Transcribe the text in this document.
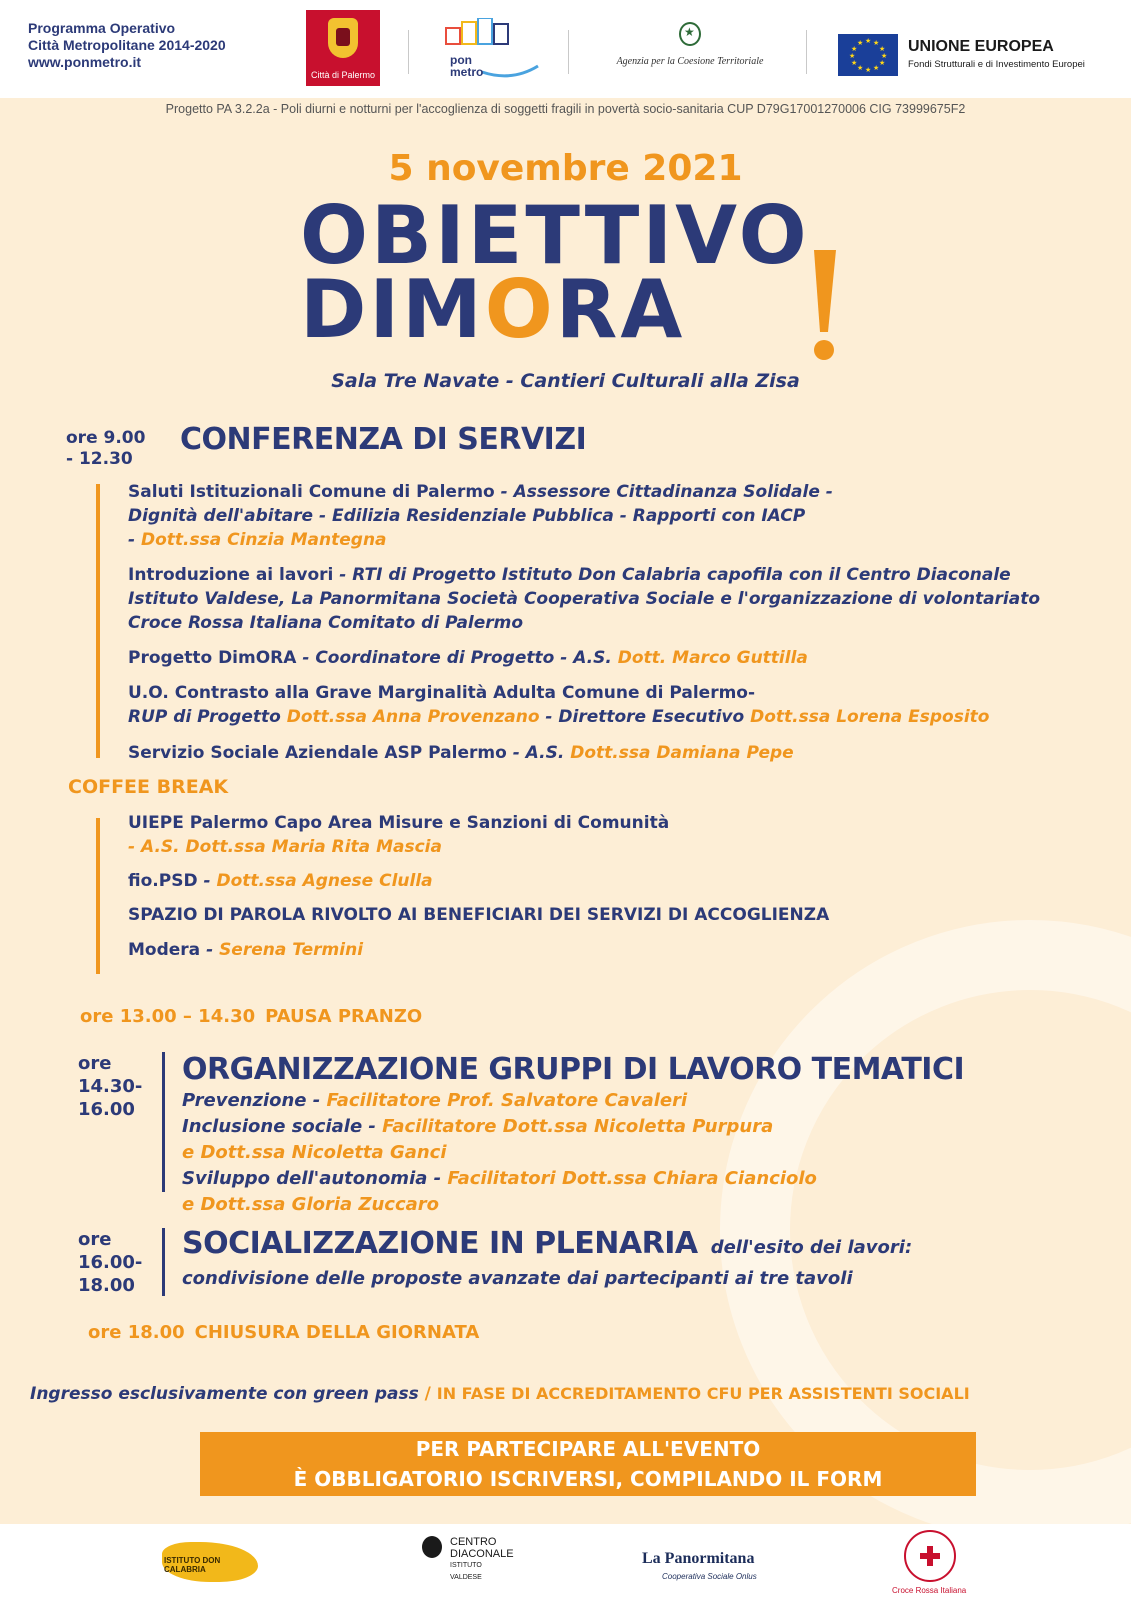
Programma Operativo
Città Metropolitane 2014-2020
www.ponmetro.it
Città di Palermo
pon
metro
★
Agenzia per la Coesione Territoriale
★ ★
★
★
★
★
★
★
★
★
★
★	UNIONE EUROPEA
Fondi Strutturali e di Investimento Europei
Progetto PA 3.2.2a - Poli diurni e notturni per l'accoglienza di soggetti fragili in povertà socio-sanitaria CUP D79G17001270006 CIG 73999675F2
5 novembre 2021
OBIETTIVO
DIMORA
Sala Tre Navate - Cantieri Culturali alla Zisa
ore 9.00
- 12.30
CONFERENZA DI SERVIZI
Saluti Istituzionali Comune di Palermo - Assessore Cittadinanza Solidale -
Dignità dell'abitare - Edilizia Residenziale Pubblica - Rapporti con IACP
- Dott.ssa Cinzia Mantegna
Introduzione ai lavori - RTI di Progetto Istituto Don Calabria capofila con il Centro Diaconale
Istituto Valdese, La Panormitana Società Cooperativa Sociale e l'organizzazione di volontariato
Croce Rossa Italiana Comitato di Palermo
Progetto DimORA - Coordinatore di Progetto - A.S. Dott. Marco Guttilla
U.O. Contrasto alla Grave Marginalità Adulta Comune di Palermo-
RUP di Progetto Dott.ssa Anna Provenzano - Direttore Esecutivo Dott.ssa Lorena Esposito
Servizio Sociale Aziendale ASP Palermo - A.S. Dott.ssa Damiana Pepe
COFFEE BREAK
UIEPE Palermo Capo Area Misure e Sanzioni di Comunità
- A.S. Dott.ssa Maria Rita Mascia
fio.PSD - Dott.ssa Agnese Clulla
SPAZIO DI PAROLA RIVOLTO AI BENEFICIARI DEI SERVIZI DI ACCOGLIENZA
Modera - Serena Termini
ore 13.00 – 14.30 PAUSA PRANZO
ore
14.30-
16.00
ORGANIZZAZIONE GRUPPI DI LAVORO TEMATICI
Prevenzione - Facilitatore Prof. Salvatore Cavaleri
Inclusione sociale - Facilitatore Dott.ssa Nicoletta Purpura
e Dott.ssa Nicoletta Ganci
Sviluppo dell'autonomia - Facilitatori Dott.ssa Chiara Cianciolo
e Dott.ssa Gloria Zuccaro
ore
16.00-
18.00
SOCIALIZZAZIONE IN PLENARIA dell'esito dei lavori:
condivisione delle proposte avanzate dai partecipanti ai tre tavoli
ore 18.00 CHIUSURA DELLA GIORNATA
Ingresso esclusivamente con green pass / IN FASE DI ACCREDITAMENTO CFU PER ASSISTENTI SOCIALI
PER PARTECIPARE ALL'EVENTO
È OBBLIGATORIO ISCRIVERSI, COMPILANDO IL FORM
ISTITUTO DON CALABRIA
CENTRO
DIACONALE
ISTITUTO VALDESE
La Panormitana
Cooperativa Sociale Onlus
Croce Rossa Italiana
